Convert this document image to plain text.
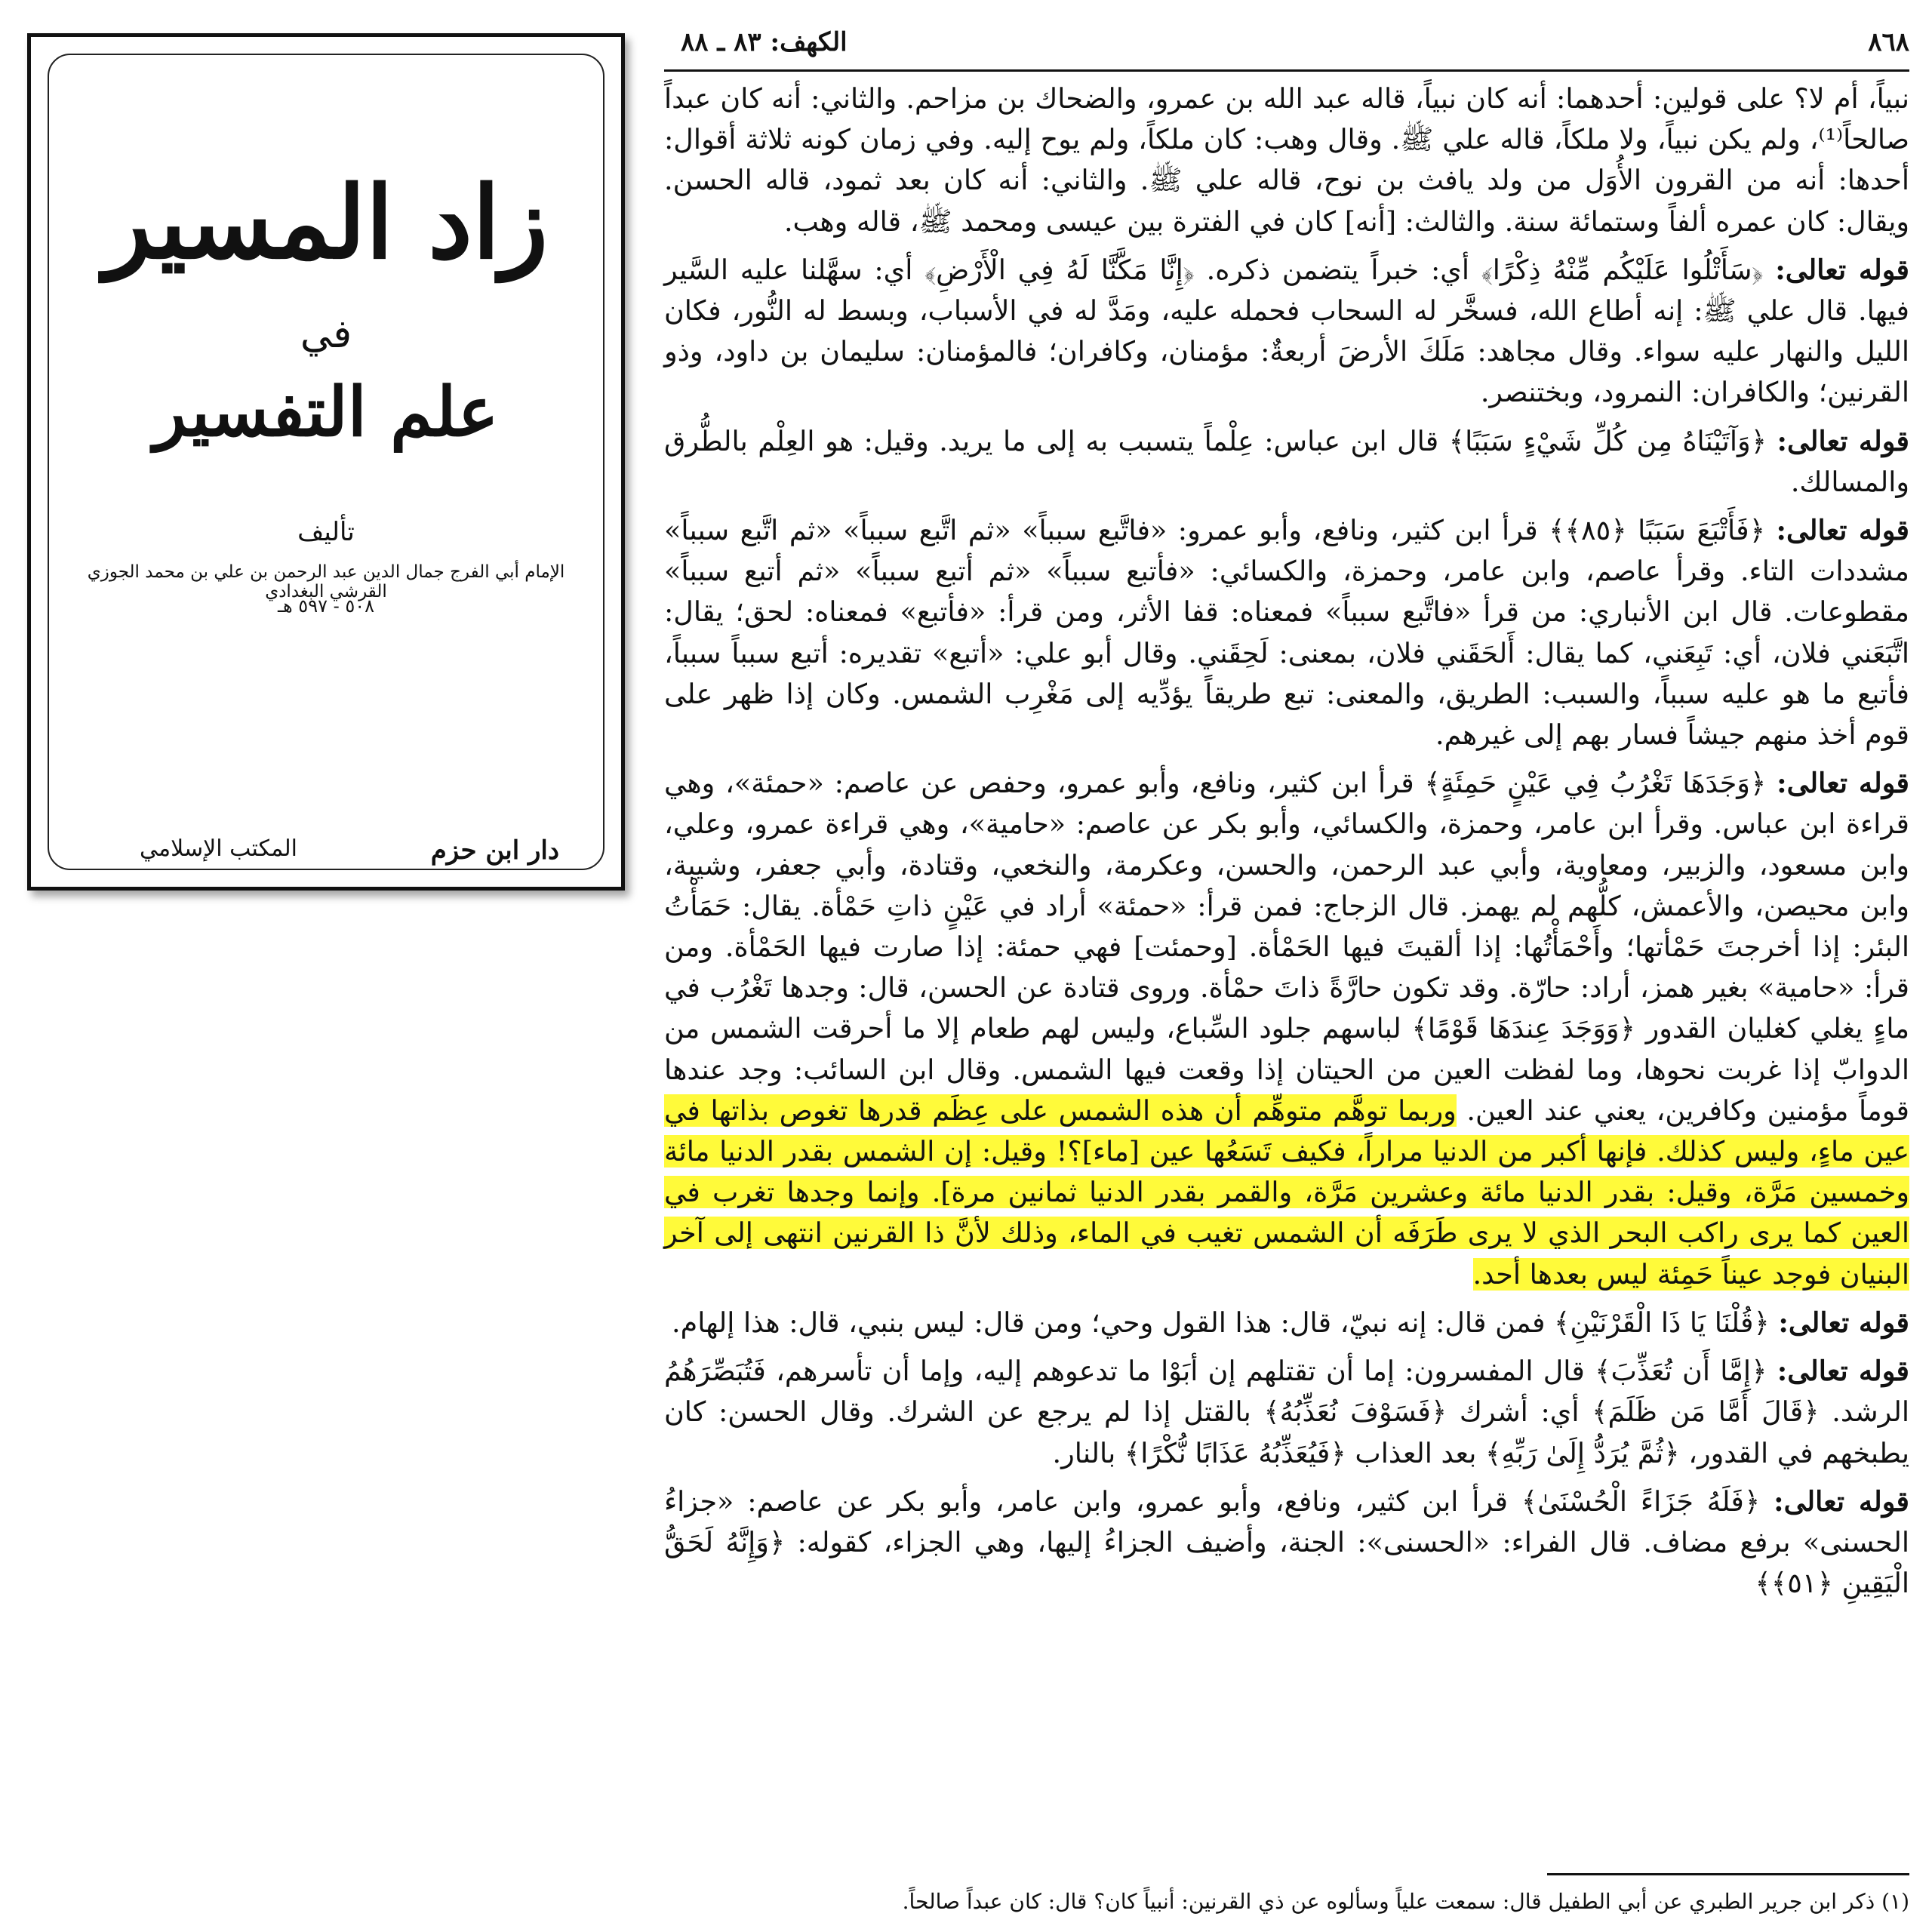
زاد المسير
في
علم التفسير
تأليف
الإمام أبي الفرج جمال الدين عبد الرحمن بن علي بن محمد الجوزي القرشي البغدادي
٥٠٨ - ٥٩٧ هـ
دار ابن حزم
المكتب الإسلامي
٨٦٨
الكهف: ٨٣ ـ ٨٨

نبياً، أم لا؟ على قولين: أحدهما: أنه كان نبياً، قاله عبد الله بن عمرو، والضحاك بن مزاحم. والثاني: أنه كان عبداً صالحاً⁽¹⁾، ولم يكن نبياً، ولا ملكاً، قاله علي ﷺ. وقال وهب: كان ملكاً، ولم يوح إليه. وفي زمان كونه ثلاثة أقوال: أحدها: أنه من القرون الأُوَل من ولد يافث بن نوح، قاله علي ﷺ. والثاني: أنه كان بعد ثمود، قاله الحسن. ويقال: كان عمره ألفاً وستمائة سنة. والثالث: [أنه] كان في الفترة بين عيسى ومحمد ﷺ، قاله وهب.

قوله تعالى: ﴿سَأَتْلُوا عَلَيْكُم مِّنْهُ ذِكْرًا﴾ أي: خبراً يتضمن ذكره. ﴿إِنَّا مَكَّنَّا لَهُ فِي الْأَرْضِ﴾ أي: سهَّلنا عليه السَّير فيها. قال علي ﷺ: إنه أطاع الله، فسخَّر له السحاب فحمله عليه، ومَدَّ له في الأسباب، وبسط له النُّور، فكان الليل والنهار عليه سواء. وقال مجاهد: مَلَكَ الأرضَ أربعةٌ: مؤمنان، وكافران؛ فالمؤمنان: سليمان بن داود، وذو القرنين؛ والكافران: النمرود، وبختنصر.

قوله تعالى: ﴿وَآتَيْنَاهُ مِن كُلِّ شَيْءٍ سَبَبًا﴾ قال ابن عباس: عِلْماً يتسبب به إلى ما يريد. وقيل: هو العِلْم بالطُّرق والمسالك.

قوله تعالى: ﴿فَأَتْبَعَ سَبَبًا ﴿٨٥﴾﴾ قرأ ابن كثير، ونافع، وأبو عمرو: «فاتَّبع سبباً» «ثم اتَّبع سبباً» «ثم اتَّبع سبباً» مشددات التاء. وقرأ عاصم، وابن عامر، وحمزة، والكسائي: «فأتبع سبباً» «ثم أتبع سبباً» «ثم أتبع سبباً» مقطوعات. قال ابن الأنباري: من قرأ «فاتَّبع سبباً» فمعناه: قفا الأثر، ومن قرأ: «فأتبع» فمعناه: لحق؛ يقال: اتَّبَعَني فلان، أي: تَبِعَني، كما يقال: أَلحَقَني فلان، بمعنى: لَحِقَني. وقال أبو علي: «أتبع» تقديره: أتبع سبباً سبباً، فأتبع ما هو عليه سبباً، والسبب: الطريق، والمعنى: تبع طريقاً يؤدِّيه إلى مَغْرِب الشمس. وكان إذا ظهر على قوم أخذ منهم جيشاً فسار بهم إلى غيرهم.

قوله تعالى: ﴿وَجَدَهَا تَغْرُبُ فِي عَيْنٍ حَمِئَةٍ﴾ قرأ ابن كثير، ونافع، وأبو عمرو، وحفص عن عاصم: «حمئة»، وهي قراءة ابن عباس. وقرأ ابن عامر، وحمزة، والكسائي، وأبو بكر عن عاصم: «حامية»، وهي قراءة عمرو، وعلي، وابن مسعود، والزبير، ومعاوية، وأبي عبد الرحمن، والحسن، وعكرمة، والنخعي، وقتادة، وأبي جعفر، وشيبة، وابن محيصن، والأعمش، كلُّهم لم يهمز. قال الزجاج: فمن قرأ: «حمئة» أراد في عَيْنٍ ذاتِ حَمْأة. يقال: حَمَأْتُ البئر: إذا أخرجتَ حَمْأتها؛ وأَحْمَأْتُها: إذا ألقيتَ فيها الحَمْأة. [وحمئت] فهي حمئة: إذا صارت فيها الحَمْأة. ومن قرأ: «حامية» بغير همز، أراد: حارّة. وقد تكون حارَّةً ذاتَ حمْأة. وروى قتادة عن الحسن، قال: وجدها تَغْرُب في ماءٍ يغلي كغليان القدور ﴿وَوَجَدَ عِندَهَا قَوْمًا﴾ لباسهم جلود السِّباع، وليس لهم طعام إلا ما أحرقت الشمس من الدوابّ إذا غربت نحوها، وما لفظت العين من الحيتان إذا وقعت فيها الشمس. وقال ابن السائب: وجد عندها قوماً مؤمنين وكافرين، يعني عند العين. وربما توهَّم متوهِّم أن هذه الشمس على عِظَم قدرها تغوص بذاتها في عين ماءٍ، وليس كذلك. فإنها أكبر من الدنيا مراراً، فكيف تَسَعُها عين [ماء]؟! وقيل: إن الشمس بقدر الدنيا مائة وخمسين مَرَّة، وقيل: بقدر الدنيا مائة وعشرين مَرَّة، والقمر بقدر الدنيا ثمانين مرة]. وإنما وجدها تغرب في العين كما يرى راكب البحر الذي لا يرى طَرَفَه أن الشمس تغيب في الماء، وذلك لأنَّ ذا القرنين انتهى إلى آخر البنيان فوجد عيناً حَمِئة ليس بعدها أحد.

قوله تعالى: ﴿قُلْنَا يَا ذَا الْقَرْنَيْنِ﴾ فمن قال: إنه نبيّ، قال: هذا القول وحي؛ ومن قال: ليس بنبي، قال: هذا إلهام.

قوله تعالى: ﴿إِمَّا أَن تُعَذِّبَ﴾ قال المفسرون: إما أن تقتلهم إن أبَوْا ما تدعوهم إليه، وإما أن تأسرهم، فَتُبَصِّرَهُمُ الرشد. ﴿قَالَ أَمَّا مَن ظَلَمَ﴾ أي: أشرك ﴿فَسَوْفَ نُعَذِّبُهُ﴾ بالقتل إذا لم يرجع عن الشرك. وقال الحسن: كان يطبخهم في القدور، ﴿ثُمَّ يُرَدُّ إِلَىٰ رَبِّهِ﴾ بعد العذاب ﴿فَيُعَذِّبُهُ عَذَابًا نُّكْرًا﴾ بالنار.

قوله تعالى: ﴿فَلَهُ جَزَاءً الْحُسْنَىٰ﴾ قرأ ابن كثير، ونافع، وأبو عمرو، وابن عامر، وأبو بكر عن عاصم: «جزاءُ الحسنى» برفع مضاف. قال الفراء: «الحسنى»: الجنة، وأضيف الجزاءُ إليها، وهي الجزاء، كقوله: ﴿وَإِنَّهُ لَحَقُّ الْيَقِينِ ﴿٥١﴾﴾

(١) ذكر ابن جرير الطبري عن أبي الطفيل قال: سمعت علياً وسألوه عن ذي القرنين: أنبياً كان؟ قال: كان عبداً صالحاً.
